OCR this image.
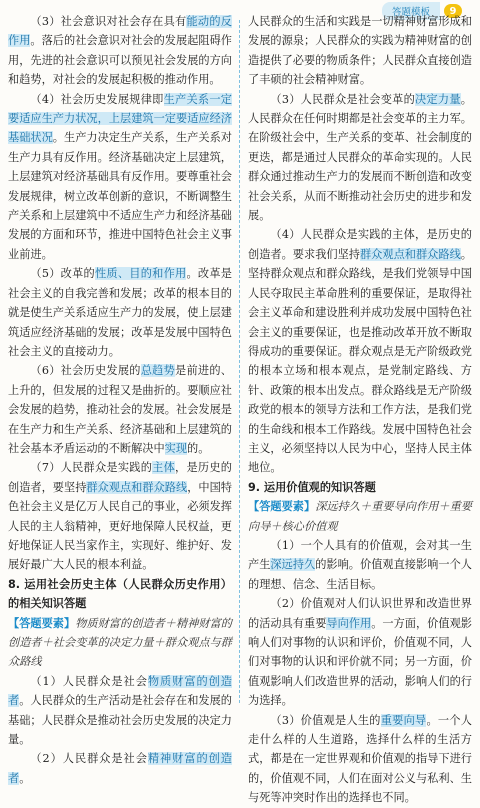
答题模板	9

（3）社会意识对社会存在具有能动的反作用。落后的社会意识对社会的发展起阻碍作用，先进的社会意识可以预见社会发展的方向和趋势，对社会的发展起积极的推动作用。

（4）社会历史发展规律即生产关系一定要适应生产力状况，上层建筑一定要适应经济基础状况。生产力决定生产关系，生产关系对生产力具有反作用。经济基础决定上层建筑，上层建筑对经济基础具有反作用。要尊重社会发展规律，树立改革创新的意识，不断调整生产关系和上层建筑中不适应生产力和经济基础发展的方面和环节，推进中国特色社会主义事业前进。

（5）改革的性质、目的和作用。改革是社会主义的自我完善和发展；改革的根本目的就是使生产关系适应生产力的发展，使上层建筑适应经济基础的发展；改革是发展中国特色社会主义的直接动力。

（6）社会历史发展的总趋势是前进的、上升的，但发展的过程又是曲折的。要顺应社会发展的趋势，推动社会的发展。社会发展是在生产力和生产关系、经济基础和上层建筑的社会基本矛盾运动的不断解决中实现的。

（7）人民群众是实践的主体，是历史的创造者，要坚持群众观点和群众路线，中国特色社会主义是亿万人民自己的事业，必须发挥人民的主人翁精神，更好地保障人民权益，更好地保证人民当家作主，实现好、维护好、发展好最广大人民的根本利益。

8. 运用社会历史主体（人民群众历史作用）的相关知识答题
【答题要素】物质财富的创造者＋精神财富的创造者＋社会变革的决定力量＋群众观点与群众路线

（1）人民群众是社会物质财富的创造者。人民群众的生产活动是社会存在和发展的基础；人民群众是推动社会历史发展的决定力量。

（2）人民群众是社会精神财富的创造者。

人民群众的生活和实践是一切精神财富形成和发展的源泉；人民群众的实践为精神财富的创造提供了必要的物质条件；人民群众直接创造了丰硕的社会精神财富。

（3）人民群众是社会变革的决定力量。人民群众在任何时期都是社会变革的主力军。在阶级社会中，生产关系的变革、社会制度的更迭，都是通过人民群众的革命实现的。人民群众通过推动生产力的发展而不断创造和改变社会关系，从而不断推动社会历史的进步和发展。

（4）人民群众是实践的主体，是历史的创造者。要求我们坚持群众观点和群众路线。坚持群众观点和群众路线，是我们党领导中国人民夺取民主革命胜利的重要保证，是取得社会主义革命和建设胜利并成功发展中国特色社会主义的重要保证，也是推动改革开放不断取得成功的重要保证。群众观点是无产阶级政党的根本立场和根本观点，是党制定路线、方针、政策的根本出发点。群众路线是无产阶级政党的根本的领导方法和工作方法，是我们党的生命线和根本工作路线。发展中国特色社会主义，必须坚持以人民为中心，坚持人民主体地位。

9. 运用价值观的知识答题
【答题要素】深远持久＋重要导向作用＋重要向导＋核心价值观

（1）一个人具有的价值观，会对其一生产生深远持久的影响。价值观直接影响一个人的理想、信念、生活目标。

（2）价值观对人们认识世界和改造世界的活动具有重要导向作用。一方面，价值观影响人们对事物的认识和评价，价值观不同，人们对事物的认识和评价就不同；另一方面，价值观影响人们改造世界的活动，影响人们的行为选择。

（3）价值观是人生的重要向导。一个人走什么样的人生道路，选择什么样的生活方式，都是在一定世界观和价值观的指导下进行的，价值观不同，人们在面对公义与私利、生与死等冲突时作出的选择也不同。
